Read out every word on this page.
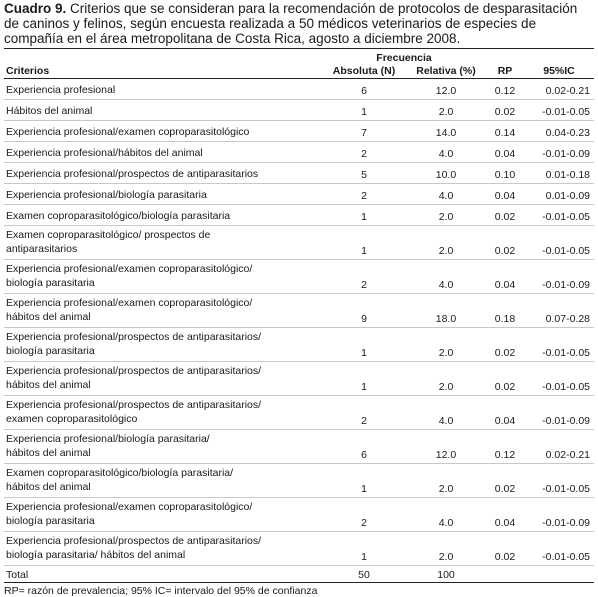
Cuadro 9. Criterios que se consideran para la recomendación de protocolos de desparasitación de caninos y felinos, según encuesta realizada a 50 médicos veterinarios de especies de compañía en el área metropolitana de Costa Rica, agosto a diciembre 2008.
	Frecuencia			
Criterios	Absoluta (N)	Relativa (%)	RP	95%IC

Experiencia profesional	6	12.0	0.12	0.02-0.21

Hábitos del animal	1	2.0	0.02	-0.01-0.05

Experiencia profesional/examen coproparasitológico	7	14.0	0.14	0.04-0.23

Experiencia profesional/hábitos del animal	2	4.0	0.04	-0.01-0.09

Experiencia profesional/prospectos de antiparasitarios	5	10.0	0.10	0.01-0.18

Experiencia profesional/biología parasitaria	2	4.0	0.04	0.01-0.09

Examen coproparasitológico/biología parasitaria	1	2.0	0.02	-0.01-0.05

Examen coproparasitológico/ prospectos de
antiparasitarios	1	2.0	0.02	-0.01-0.05

Experiencia profesional/examen coproparasitológico/
biología parasitaria	2	4.0	0.04	-0.01-0.09

Experiencia profesional/examen coproparasitológico/
hábitos del animal	9	18.0	0.18	0.07-0.28

Experiencia profesional/prospectos de antiparasitarios/
biología parasitaria	1	2.0	0.02	-0.01-0.05

Experiencia profesional/prospectos de antiparasitarios/
hábitos del animal	1	2.0	0.02	-0.01-0.05

Experiencia profesional/prospectos de antiparasitarios/
examen coproparasitológico	2	4.0	0.04	-0.01-0.09

Experiencia profesional/biología parasitaria/
hábitos del animal	6	12.0	0.12	0.02-0.21

Examen coproparasitológico/biología parasitaria/
hábitos del animal	1	2.0	0.02	-0.01-0.05

Experiencia profesional/examen coproparasitológico/
biología parasitaria	2	4.0	0.04	-0.01-0.09

Experiencia profesional/prospectos de antiparasitarios/
biología parasitaria/ hábitos del animal	1	2.0	0.02	-0.01-0.05
Total	50	100		
RP= razón de prevalencia; 95% IC= intervalo del 95% de confianza
